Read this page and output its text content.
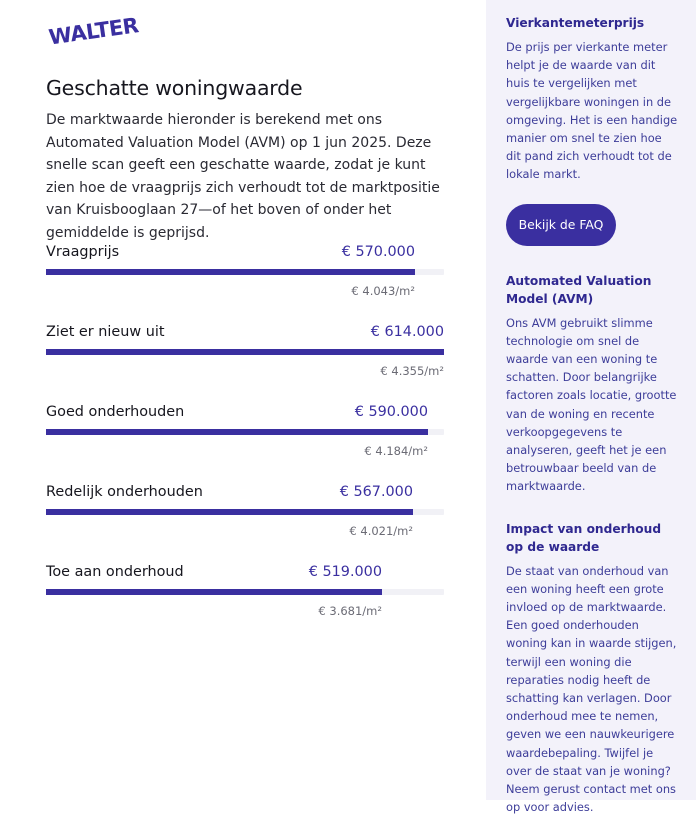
WALTER
Geschatte woningwaarde
De marktwaarde hieronder is berekend met ons Automated Valuation Model (AVM) op 1 jun 2025. Deze snelle scan geeft een geschatte waarde, zodat je kunt zien hoe de vraagprijs zich verhoudt tot de marktpositie van Kruisbooglaan 27—of het boven of onder het gemiddelde is geprijsd.
Vraagprijs	€ 570.000
€ 4.043/m²
Ziet er nieuw uit	€ 614.000
€ 4.355/m²
Goed onderhouden	€ 590.000
€ 4.184/m²
Redelijk onderhouden	€ 567.000
€ 4.021/m²
Toe aan onderhoud	€ 519.000
€ 3.681/m²
Vierkantemeterprijs
De prijs per vierkante meter helpt je de waarde van dit huis te vergelijken met vergelijkbare woningen in de omgeving. Het is een handige manier om snel te zien hoe dit pand zich verhoudt tot de lokale markt.
Bekijk de FAQ
Automated Valuation Model (AVM)
Ons AVM gebruikt slimme technologie om snel de waarde van een woning te schatten. Door belangrijke factoren zoals locatie, grootte van de woning en recente verkoopgegevens te analyseren, geeft het je een betrouwbaar beeld van de marktwaarde.
Impact van onderhoud op de waarde
De staat van onderhoud van een woning heeft een grote invloed op de marktwaarde. Een goed onderhouden woning kan in waarde stijgen, terwijl een woning die reparaties nodig heeft de schatting kan verlagen. Door onderhoud mee te nemen, geven we een nauwkeurigere waardebepaling. Twijfel je over de staat van je woning? Neem gerust contact met ons op voor advies.
